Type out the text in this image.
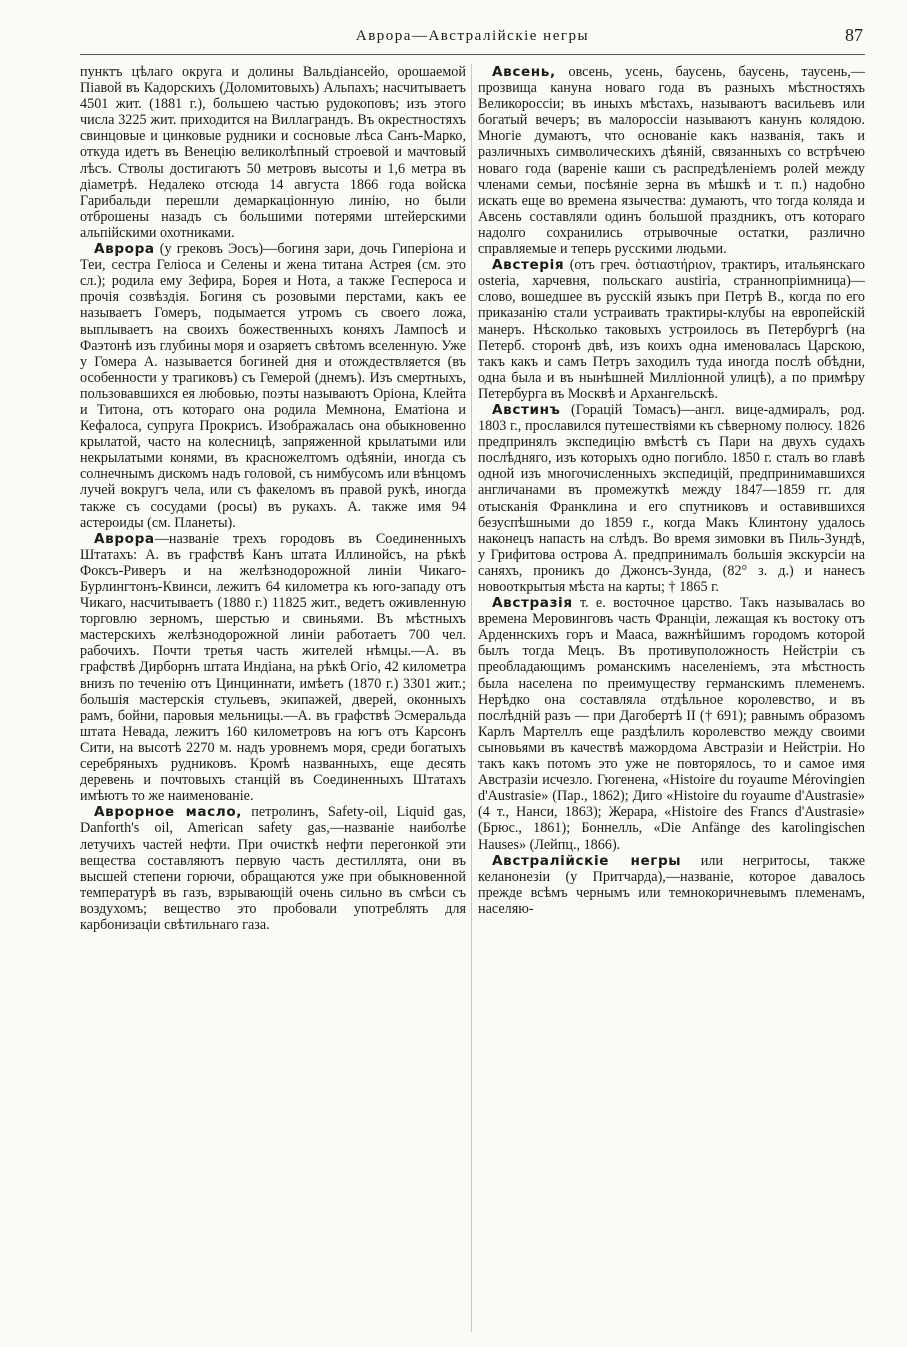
Аврора—Австралійскіе негры	87

пунктъ цѣлаго округа и долины Вальдіансейо, орошаемой Піавой въ Кадорскихъ (Доломитовыхъ) Альпахъ; насчитываетъ 4501 жит. (1881 г.), большею частью рудокоповъ; изъ этого числа 3225 жит. приходится на Виллаграндъ. Въ окрестностяхъ свинцовые и цинковые рудники и сосновые лѣса Санъ-Марко, откуда идетъ въ Венецію великолѣпный строевой и мачтовый лѣсъ. Стволы достигаютъ 50 метровъ высоты и 1,6 метра въ діаметрѣ. Недалеко отсюда 14 августа 1866 года войска Гарибальди перешли демаркаціонную линію, но были отброшены назадъ съ большими потерями штейерскими альпійскими охотниками.

Аврора (у грековъ Эосъ)—богиня зари, дочь Гиперіона и Теи, сестра Геліоса и Селены и жена титана Астрея (см. это сл.); родила ему Зефира, Борея и Нота, а также Геспероса и прочія созвѣздія. Богиня съ розовыми перстами, какъ ее называетъ Гомеръ, подымается утромъ съ своего ложа, выплываетъ на своихъ божественныхъ коняхъ Лампосѣ и Фаэтонѣ изъ глубины моря и озаряетъ свѣтомъ вселенную. Уже у Гомера А. называется богиней дня и отождествляется (въ особенности у трагиковъ) съ Гемерой (днемъ). Изъ смертныхъ, пользовавшихся ея любовью, поэты называютъ Оріона, Клейта и Титона, отъ котораго она родила Мемнона, Ематіона и Кефалоса, супруга Прокрисъ. Изображалась она обыкновенно крылатой, часто на колесницѣ, запряженной крылатыми или некрылатыми конями, въ красножелтомъ одѣяніи, иногда съ солнечнымъ дискомъ надъ головой, съ нимбусомъ или вѣнцомъ лучей вокругъ чела, или съ факеломъ въ правой рукѣ, иногда также съ сосудами (росы) въ рукахъ. А. также имя 94 астероиды (см. Планеты).

Аврора—названіе трехъ городовъ въ Соединенныхъ Штатахъ: А. въ графствѣ Канъ штата Иллинойсъ, на рѣкѣ Фоксъ-Риверъ и на желѣзнодорожной линіи Чикаго-Бурлингтонъ-Квинси, лежитъ 64 километра къ юго-западу отъ Чикаго, насчитываетъ (1880 г.) 11825 жит., ведетъ оживленную торговлю зерномъ, шерстью и свиньями. Въ мѣстныхъ мастерскихъ желѣзнодорожной линіи работаетъ 700 чел. рабочихъ. Почти третья часть жителей нѣмцы.—А. въ графствѣ Дирборнъ штата Индіана, на рѣкѣ Огіо, 42 километра внизъ по теченію отъ Цинциннати, имѣетъ (1870 г.) 3301 жит.; большія мастерскія стульевъ, экипажей, дверей, оконныхъ рамъ, бойни, паровыя мельницы.—А. въ графствѣ Эсмеральда штата Невада, лежитъ 160 километровъ на югъ отъ Карсонъ Сити, на высотѣ 2270 м. надъ уровнемъ моря, среди богатыхъ серебряныхъ рудниковъ. Кромѣ названныхъ, еще десять деревень и почтовыхъ станцій въ Соединенныхъ Штатахъ имѣютъ то же наименованіе.

Аврорное масло, петролинъ, Safety-oil, Liquid gas, Danforth's oil, American safety gas,—названіе наиболѣе летучихъ частей нефти. При очисткѣ нефти перегонкой эти вещества составляютъ первую часть дестиллята, они въ высшей степени горючи, обращаются уже при обыкновенной температурѣ въ газъ, взрывающій очень сильно въ смѣси съ воздухомъ; вещество это пробовали употреблять для карбонизаціи свѣтильнаго газа.

Авсень, овсень, усень, баусень, баусень, таусень,—прозвища кануна новаго года въ разныхъ мѣстностяхъ Великороссіи; въ иныхъ мѣстахъ, называютъ васильевъ или богатый вечеръ; въ малороссіи называютъ канунъ колядою. Многіе думаютъ, что основаніе какъ названія, такъ и различныхъ символическихъ дѣяній, связанныхъ со встрѣчею новаго года (вареніе каши съ распредѣленіемъ ролей между членами семьи, посѣяніе зерна въ мѣшкѣ и т. п.) надобно искать еще во времена язычества: думаютъ, что тогда коляда и Авсень составляли одинъ большой праздникъ, отъ котораго надолго сохранились отрывочные остатки, различно справляемые и теперь русскими людьми.

Австерія (отъ греч. ὀστιαστήριον, трактиръ, итальянскаго osteria, харчевня, польскаго austiria, страннопріимница)—слово, вошедшее въ русскій языкъ при Петрѣ В., когда по его приказанію стали устраивать трактиры-клубы на европейскій манеръ. Нѣсколько таковыхъ устроилось въ Петербургѣ (на Петерб. сторонѣ двѣ, изъ коихъ одна именовалась Царскою, такъ какъ и самъ Петръ заходилъ туда иногда послѣ обѣдни, одна была и въ нынѣшней Милліонной улицѣ), а по примѣру Петербурга въ Москвѣ и Архангельскѣ.

Австинъ (Горацій Томасъ)—англ. вице-адмиралъ, род. 1803 г., прославился путешествіями къ сѣверному полюсу. 1826 предпринялъ экспедицію вмѣстѣ съ Пари на двухъ судахъ послѣдняго, изъ которыхъ одно погибло. 1850 г. сталъ во главѣ одной изъ многочисленныхъ экспедицій, предпринимавшихся англичанами въ промежуткѣ между 1847—1859 гг. для отысканія Франклина и его спутниковъ и оставившихся безуспѣшными до 1859 г., когда Макъ Клинтону удалось наконецъ напасть на слѣдъ. Во время зимовки въ Пиль-Зундѣ, у Грифитова острова А. предпринималъ большія экскурсіи на саняхъ, проникъ до Джонсъ-Зунда, (82° з. д.) и нанесъ новооткрытыя мѣста на карты; † 1865 г.

Австразія т. е. восточное царство. Такъ называлась во времена Меровинговъ часть Франціи, лежащая къ востоку отъ Арденнскихъ горъ и Мааса, важнѣйшимъ городомъ которой былъ тогда Мецъ. Въ противуположность Нейстріи съ преобладающимъ романскимъ населеніемъ, эта мѣстность была населена по преимуществу германскимъ племенемъ. Нерѣдко она составляла отдѣльное королевство, и въ послѣдній разъ — при Дагобертѣ II († 691); равнымъ образомъ Карлъ Мартеллъ еще раздѣлилъ королевство между своими сыновьями въ качествѣ мажордома Австразіи и Нейстріи. Но такъ какъ потомъ это уже не повторялось, то и самое имя Австразіи исчезло. Гюгенена, «Histoire du royaume Mérovingien d'Austrasie» (Пар., 1862); Диго «Histoire du royaume d'Austrasie» (4 т., Нанси, 1863); Жерара, «Histoire des Francs d'Austrasie» (Брюс., 1861); Боннелль, «Die Anfänge des karolingischen Hauses» (Лейпц., 1866).

Австралійскіе негры или негритосы, также келанонезіи (у Притчарда),—названіе, которое давалось прежде всѣмъ чернымъ или темнокоричневымъ племенамъ, населяю-
